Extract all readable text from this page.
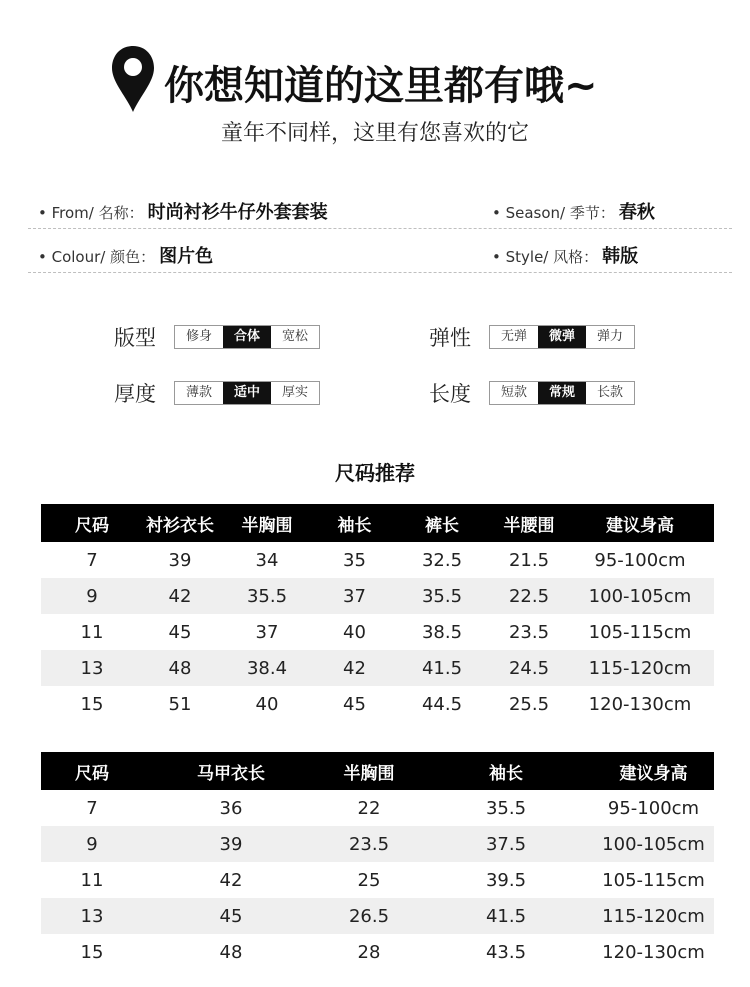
你想知道的这里都有哦~
童年不同样，这里有您喜欢的它
• From/ 名称： 时尚衬衫牛仔外套套装	• Season/ 季节： 春秋
• Colour/ 颜色： 图片色	• Style/ 风格： 韩版
版型	修身	合体	宽松	弹性	无弹	微弹	弹力
厚度	薄款	适中	厚实	长度	短款	常规	长款
尺码推荐
尺码	衬衫衣长	半胸围	袖长	裤长	半腰围	建议身高
7	39	34	35	32.5	21.5	95-100cm
9	42	35.5	37	35.5	22.5	100-105cm
11	45	37	40	38.5	23.5	105-115cm
13	48	38.4	42	41.5	24.5	115-120cm
15	51	40	45	44.5	25.5	120-130cm
尺码	马甲衣长	半胸围	袖长	建议身高
7	36	22	35.5	95-100cm
9	39	23.5	37.5	100-105cm
11	42	25	39.5	105-115cm
13	45	26.5	41.5	115-120cm
15	48	28	43.5	120-130cm
